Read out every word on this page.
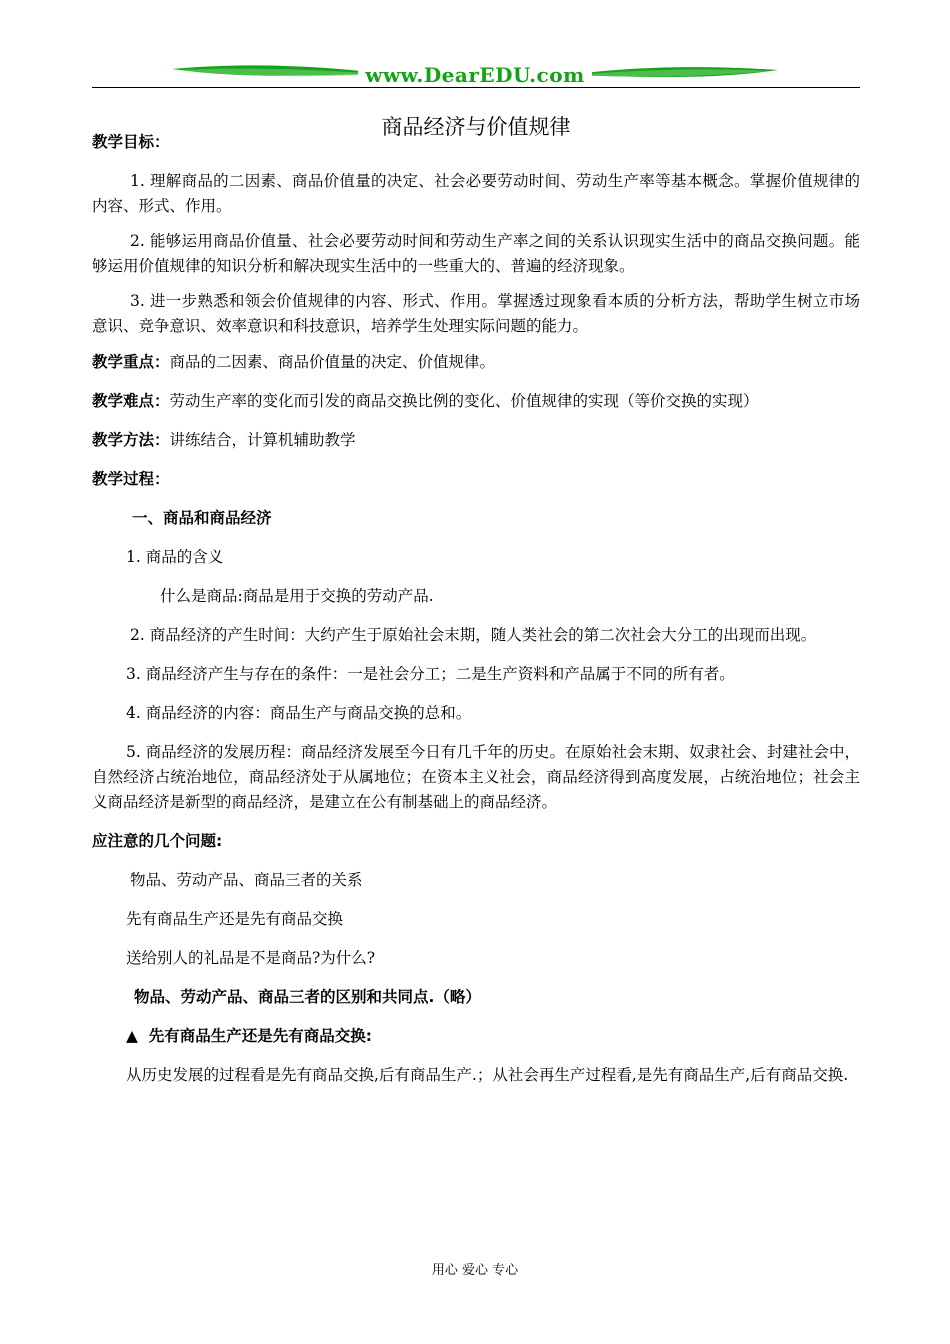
www.DearEDU.com
商品经济与价值规律

教学目标：

1. 理解商品的二因素、商品价值量的决定、社会必要劳动时间、劳动生产率等基本概念。掌握价值规律的内容、形式、作用。

2. 能够运用商品价值量、社会必要劳动时间和劳动生产率之间的关系认识现实生活中的商品交换问题。能够运用价值规律的知识分析和解决现实生活中的一些重大的、普遍的经济现象。

3. 进一步熟悉和领会价值规律的内容、形式、作用。掌握透过现象看本质的分析方法，帮助学生树立市场意识、竞争意识、效率意识和科技意识，培养学生处理实际问题的能力。

教学重点：商品的二因素、商品价值量的决定、价值规律。

教学难点：劳动生产率的变化而引发的商品交换比例的变化、价值规律的实现（等价交换的实现）

教学方法：讲练结合，计算机辅助教学

教学过程：

一、商品和商品经济

1. 商品的含义

什么是商品:商品是用于交换的劳动产品.

2. 商品经济的产生时间：大约产生于原始社会末期，随人类社会的第二次社会大分工的出现而出现。

3. 商品经济产生与存在的条件：一是社会分工；二是生产资料和产品属于不同的所有者。

4. 商品经济的内容：商品生产与商品交换的总和。

5. 商品经济的发展历程：商品经济发展至今日有几千年的历史。在原始社会末期、奴隶社会、封建社会中，自然经济占统治地位，商品经济处于从属地位；在资本主义社会，商品经济得到高度发展，占统治地位；社会主义商品经济是新型的商品经济，是建立在公有制基础上的商品经济。

应注意的几个问题:

物品、劳动产品、商品三者的关系

先有商品生产还是先有商品交换

送给别人的礼品是不是商品?为什么?

物品、劳动产品、商品三者的区别和共同点.（略）

▲ 先有商品生产还是先有商品交换:

从历史发展的过程看是先有商品交换,后有商品生产.；从社会再生产过程看,是先有商品生产,后有商品交换.

用心 爱心 专心
